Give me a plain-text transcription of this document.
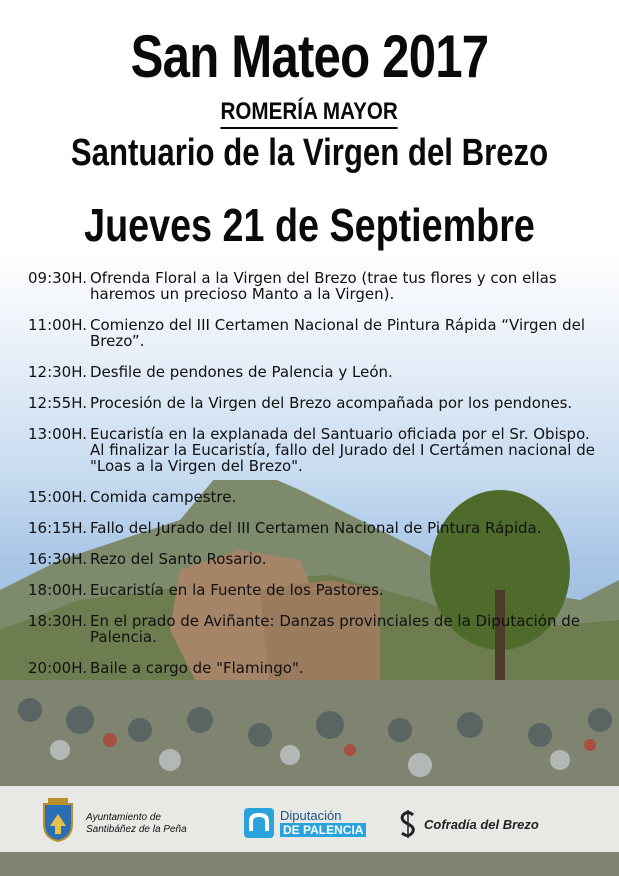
San Mateo 2017
ROMERÍA MAYOR
Santuario de la Virgen del Brezo
Jueves 21 de Septiembre
09:30H. Ofrenda Floral a la Virgen del Brezo (trae tus flores y con ellas haremos un precioso Manto a la Virgen).
11:00H. Comienzo del III Certamen Nacional de Pintura Rápida “Virgen del Brezo”.
12:30H. Desfile de pendones de Palencia y León.
12:55H. Procesión de la Virgen del Brezo acompañada por los pendones.
13:00H. Eucaristía en la explanada del Santuario oficiada por el Sr. Obispo. Al finalizar la Eucaristía, fallo del Jurado del I Certámen nacional de "Loas a la Virgen del Brezo".
15:00H. Comida campestre.
16:15H. Fallo del Jurado del III Certamen Nacional de Pintura Rápida.
16:30H. Rezo del Santo Rosario.
18:00H. Eucaristía en la Fuente de los Pastores.
18:30H. En el prado de Aviñante: Danzas provinciales de la Diputación de Palencia.
20:00H. Baile a cargo de "Flamingo".
Ayuntamiento de
Santibáñez de la Peña
Diputación
DE PALENCIA	Cofradía del Brezo
